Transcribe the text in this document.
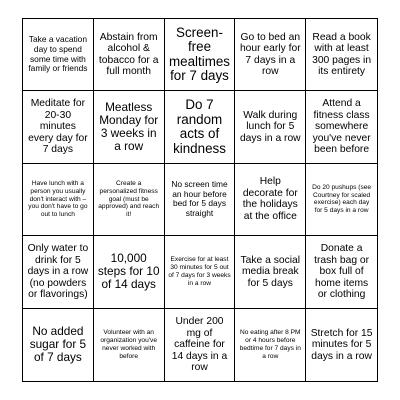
Take a vacation day to spend some time with family or friends
Abstain from alcohol & tobacco for a full month
Screen-free mealtimes for 7 days
Go to bed an hour early for 7 days in a row
Read a book with at least 300 pages in its entirety
Meditate for 20-30 minutes every day for 7 days
Meatless Monday for 3 weeks in a row
Do 7 random acts of kindness
Walk during lunch for 5 days in a row
Attend a fitness class somewhere you've never been before
Have lunch with a person you usually don't interact with – you don't have to go out to lunch
Create a personalized fitness goal (must be approved) and reach it!
No screen time an hour before bed for 5 days straight
Help decorate for the holidays at the office
Do 20 pushups (see Courtney for scaled exercise) each day for 5 days in a row
Only water to drink for 5 days in a row (no powders or flavorings)
10,000 steps for 10 of 14 days
Exercise for at least 30 minutes for 5 out of 7 days for 3 weeks in a row
Take a social media break for 5 days
Donate a trash bag or box full of home items or clothing
No added sugar for 5 of 7 days
Volunteer with an organization you've never worked with before
Under 200 mg of caffeine for 14 days in a row
No eating after 8 PM or 4 hours before bedtime for 7 days in a row
Stretch for 15 minutes for 5 days in a row
